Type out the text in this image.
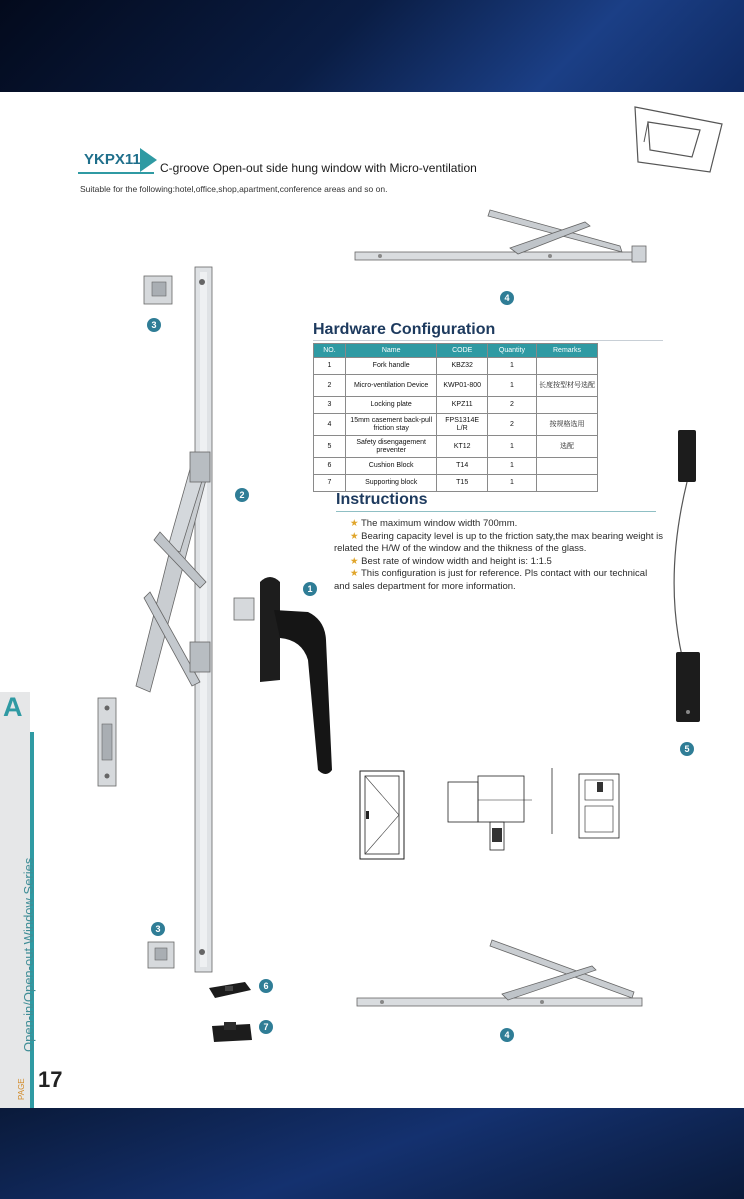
YKPX11	C-groove Open-out side hung window with Micro-ventilation
Suitable for the following:hotel,office,shop,apartment,conference areas and so on.
4
2
3
3
1
Hardware Configuration
NO.	Name	CODE	Quantity	Remarks
1	Fork handle	KBZ32	1	
2	Micro-ventilation Device	KWP01-800	1	长度按型材号选配
3	Locking plate	KPZ11	2	
4	15mm casement back-pull friction stay	FPS1314E L/R	2	按规格选用
5	Safety disengagement preventer	KT12	1	选配
6	Cushion Block	T14	1	
7	Supporting block	T15	1	
Instructions

★ The maximum window width 700mm.

★ Bearing capacity level is up to the friction saty,the max bearing weight is related the H/W of the window and the thikness of the glass.

★ Best rate of window width and height is: 1:1.5

★ This configuration is just for reference. Pls contact with our technical and sales department for more information.

5
4
6
7
A
Open-in/Open-out Window Series
PAGE 17
